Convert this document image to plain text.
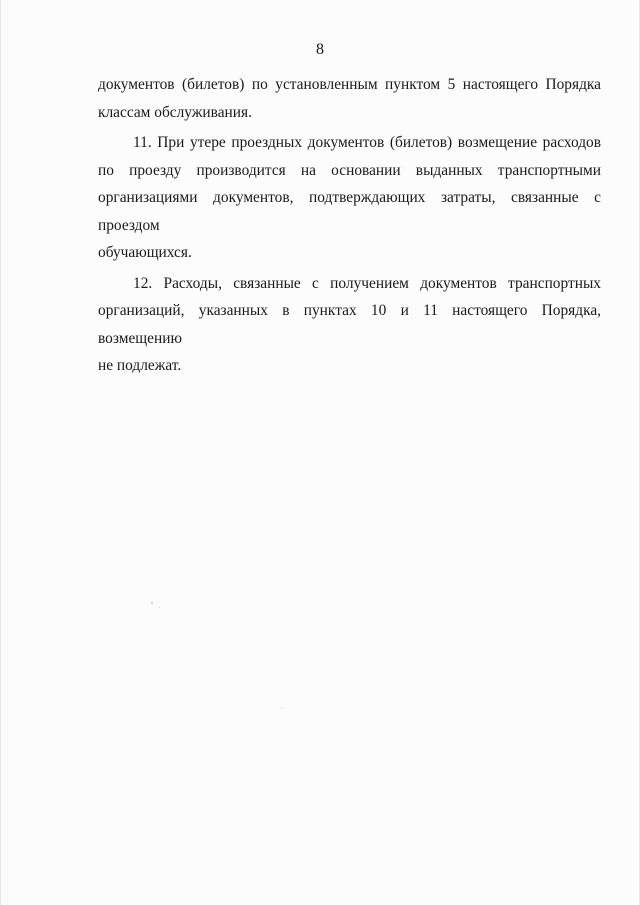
8

документов (билетов) по установленным пунктом 5 настоящего Порядка
классам обслуживания.

11. При утере проездных документов (билетов) возмещение расходов
по проезду производится на основании выданных транспортными
организациями документов, подтверждающих затраты, связанные с проездом
обучающихся.

12. Расходы, связанные с получением документов транспортных
организаций, указанных в пунктах 10 и 11 настоящего Порядка, возмещению
не подлежат.
